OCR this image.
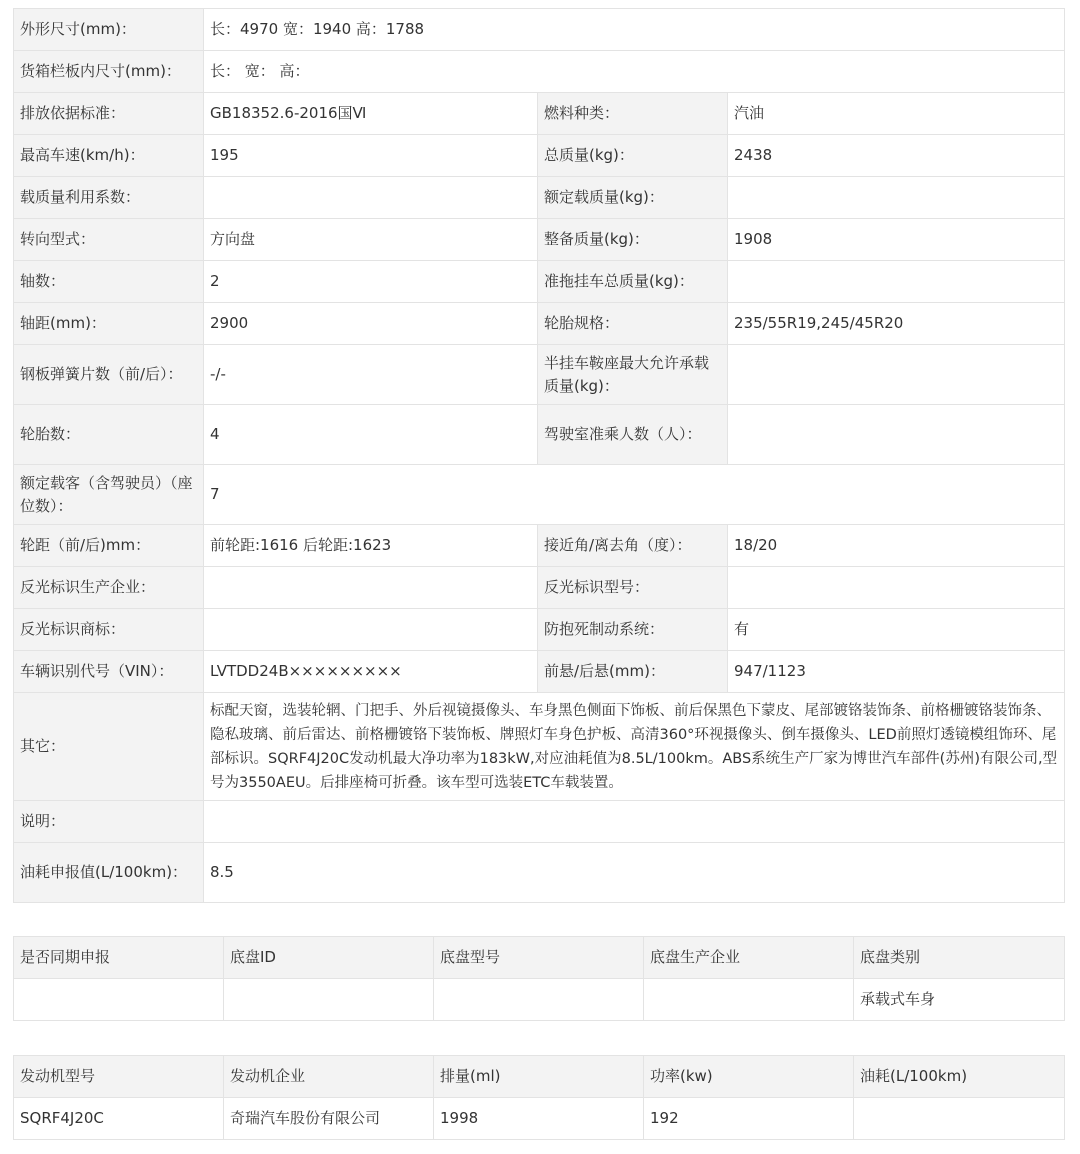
外形尺寸(mm)：	长：4970 宽：1940 高：1788		
货箱栏板内尺寸(mm)：	长： 宽： 高：		
排放依据标准：	GB18352.6-2016国Ⅵ	燃料种类：	汽油
最高车速(km/h)：	195	总质量(kg)：	2438
载质量利用系数：		额定载质量(kg)：	
转向型式：	方向盘	整备质量(kg)：	1908
轴数：	2	准拖挂车总质量(kg)：	
轴距(mm)：	2900	轮胎规格：	235/55R19,245/45R20
钢板弹簧片数（前/后）：	-/-	半挂车鞍座最大允许承载质量(kg)：	
轮胎数：	4	驾驶室准乘人数（人）：	
额定载客（含驾驶员）（座位数）：	7		
轮距（前/后)mm：	前轮距:1616 后轮距:1623	接近角/离去角（度）：	18/20
反光标识生产企业：		反光标识型号：	
反光标识商标：		防抱死制动系统：	有
车辆识别代号（VIN）：	LVTDD24B×××××××××	前悬/后悬(mm)：	947/1123
其它：	标配天窗，选装轮辋、门把手、外后视镜摄像头、车身黑色侧面下饰板、前后保黑色下蒙皮、尾部镀铬装饰条、前格栅镀铬装饰条、隐私玻璃、前后雷达、前格栅镀铬下装饰板、牌照灯车身色护板、高清360°环视摄像头、倒车摄像头、LED前照灯透镜模组饰环、尾部标识。SQRF4J20C发动机最大净功率为183kW,对应油耗值为8.5L/100km。ABS系统生产厂家为博世汽车部件(苏州)有限公司,型号为3550AEU。后排座椅可折叠。该车型可选装ETC车载装置。		
说明：			
油耗申报值(L/100km)：	8.5		
是否同期申报	底盘ID	底盘型号	底盘生产企业	底盘类别
				承载式车身
发动机型号	发动机企业	排量(ml)	功率(kw)	油耗(L/100km)
SQRF4J20C	奇瑞汽车股份有限公司	1998	192	
